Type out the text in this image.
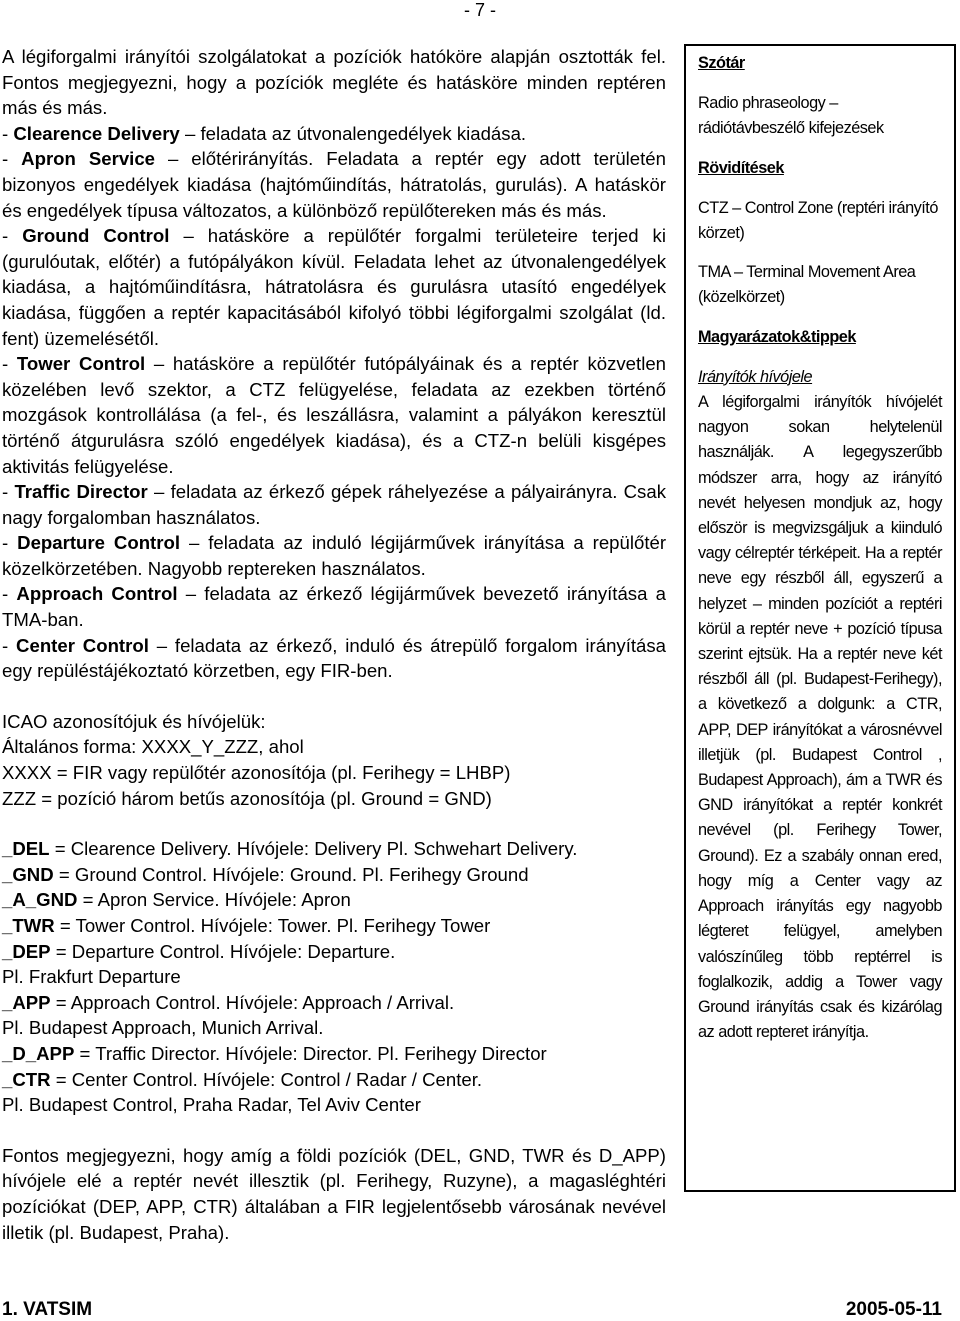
- 7 -

A légiforgalmi irányítói szolgálatokat a pozíciók hatóköre alapján osztották fel. Fontos megjegyezni, hogy a pozíciók megléte és hatásköre minden reptéren más és más.

- Clearence Delivery – feladata az útvonalengedélyek kiadása.

- Apron Service – előtérirányítás. Feladata a reptér egy adott területén bizonyos engedélyek kiadása (hajtóműindítás, hátratolás, gurulás). A hatáskör és engedélyek típusa változatos, a különböző repülőtereken más és más.

- Ground Control – hatásköre a repülőtér forgalmi területeire terjed ki (gurulóutak, előtér) a futópályákon kívül. Feladata lehet az útvonalengedélyek kiadása, a hajtóműindításra, hátratolásra és gurulásra utasító engedélyek kiadása, függően a reptér kapacitásából kifolyó többi légiforgalmi szolgálat (ld. fent) üzemelésétől.

- Tower Control – hatásköre a repülőtér futópályáinak és a reptér közvetlen közelében levő szektor, a CTZ felügyelése, feladata az ezekben történő mozgások kontrollálása (a fel-, és leszállásra, valamint a pályákon keresztül történő átgurulásra szóló engedélyek kiadása), és a CTZ-n belüli kisgépes aktivitás felügyelése.

- Traffic Director – feladata az érkező gépek ráhelyezése a pályairányra. Csak nagy forgalomban használatos.

- Departure Control – feladata az induló légijárművek irányítása a repülőtér közelkörzetében. Nagyobb reptereken használatos.

- Approach Control – feladata az érkező légijárművek bevezető irányítása a TMA-ban.

- Center Control – feladata az érkező, induló és átrepülő forgalom irányítása egy repüléstájékoztató körzetben, egy FIR-ben.

ICAO azonosítójuk és hívójelük:

Általános forma: XXXX_Y_ZZZ, ahol

XXXX = FIR vagy repülőtér azonosítója (pl. Ferihegy = LHBP)

ZZZ = pozíció három betűs azonosítója (pl. Ground = GND)

_DEL = Clearence Delivery. Hívójele: Delivery Pl. Schwehart Delivery.

_GND = Ground Control. Hívójele: Ground. Pl. Ferihegy Ground

_A_GND = Apron Service. Hívójele: Apron

_TWR = Tower Control. Hívójele: Tower. Pl. Ferihegy Tower

_DEP = Departure Control. Hívójele: Departure.

Pl. Frakfurt Departure

_APP = Approach Control. Hívójele: Approach / Arrival.

Pl. Budapest Approach, Munich Arrival.

_D_APP = Traffic Director. Hívójele: Director. Pl. Ferihegy Director

_CTR = Center Control. Hívójele: Control / Radar / Center.

Pl. Budapest Control, Praha Radar, Tel Aviv Center

Fontos megjegyezni, hogy amíg a földi pozíciók (DEL, GND, TWR és D_APP) hívójele elé a reptér nevét illesztik (pl. Ferihegy, Ruzyne), a magasléghtéri pozíciókat (DEP, APP, CTR) általában a FIR legjelentősebb városának nevével illetik (pl. Budapest, Praha).

Szótár

Radio phraseology – rádiótávbeszélő kifejezések

Rövidítések

CTZ – Control Zone (reptéri irányító körzet)

TMA – Terminal Movement Area (közelkörzet)

Magyarázatok&tippek

Irányítók hívójele

A légiforgalmi irányítók hívójelét nagyon sokan helytelenül használják. A legegyszerűbb módszer arra, hogy az irányító nevét helyesen mondjuk az, hogy először is megvizsgáljuk a kiinduló vagy célreptér térképeit. Ha a reptér neve egy részből áll, egyszerű a helyzet – minden pozíciót a reptéri körül a reptér neve + pozíció típusa szerint ejtsük. Ha a reptér neve két részből áll (pl. Budapest-Ferihegy), a következő a dolgunk: a CTR, APP, DEP irányítókat a városnévvel illetjük (pl. Budapest Control , Budapest Approach), ám a TWR és GND irányítókat a reptér konkrét nevével (pl. Ferihegy Tower, Ground). Ez a szabály onnan ered, hogy míg a Center vagy az Approach irányítás egy nagyobb légteret felügyel, amelyben valószínűleg több reptérrel is foglalkozik, addig a Tower vagy Ground irányítás csak és kizárólag az adott repteret irányítja.

1. VATSIM	2005-05-11
